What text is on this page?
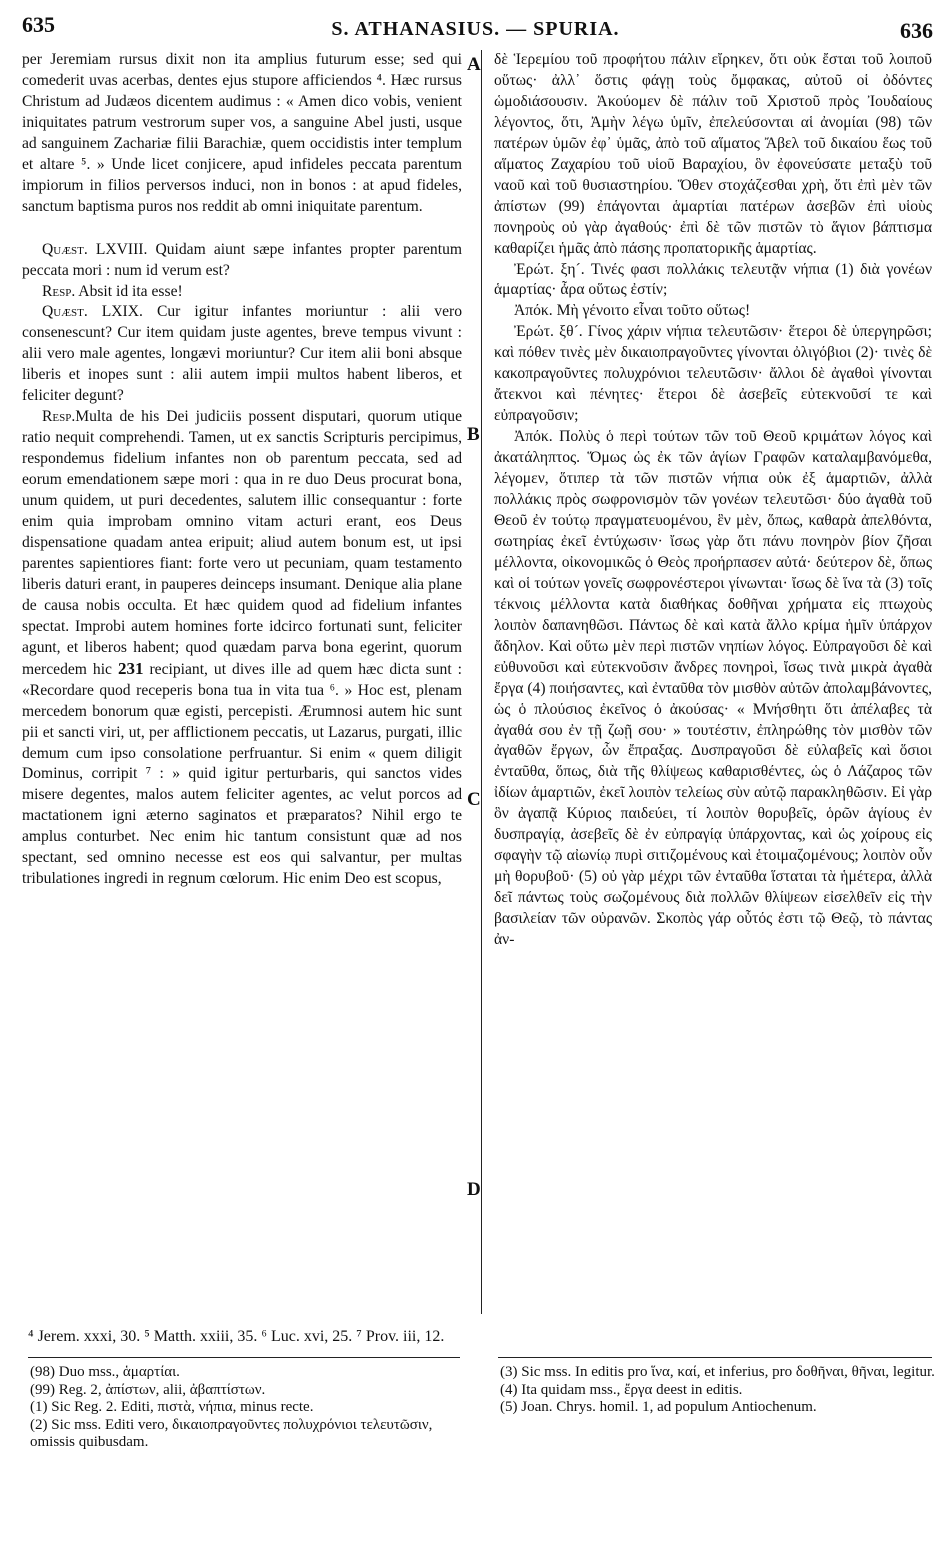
635	S. ATHANASIUS. — SPURIA.	636

per Jeremiam rursus dixit non ita amplius futurum esse; sed qui comederit uvas acerbas, dentes ejus stupore afficiendos ⁴. Hæc rursus Christum ad Judæos dicentem audimus : « Amen dico vobis, venient iniquitates patrum vestrorum super vos, a sanguine Abel justi, usque ad sanguinem Zachariæ filii Barachiæ, quem occidistis inter templum et altare ⁵. » Unde licet conjicere, apud infideles peccata parentum impiorum in filios perversos induci, non in bonos : at apud fideles, sanctum baptisma puros nos reddit ab omni iniquitate parentum.

Quæst. LXVIII. Quidam aiunt sæpe infantes propter parentum peccata mori : num id verum est?

Resp. Absit id ita esse!

Quæst. LXIX. Cur igitur infantes moriuntur : alii vero consenescunt? Cur item quidam juste agentes, breve tempus vivunt : alii vero male agentes, longævi moriuntur? Cur item alii boni absque liberis et inopes sunt : alii autem impii multos habent liberos, et feliciter degunt?

Resp.Multa de his Dei judiciis possent disputari, quorum utique ratio nequit comprehendi. Tamen, ut ex sanctis Scripturis percipimus, respondemus fidelium infantes non ob parentum peccata, sed ad eorum emendationem sæpe mori : qua in re duo Deus procurat bona, unum quidem, ut puri decedentes, salutem illic consequantur : forte enim quia improbam omnino vitam acturi erant, eos Deus dispensatione quadam antea eripuit; aliud autem bonum est, ut ipsi parentes sapientiores fiant: forte vero ut pecuniam, quam testamento liberis daturi erant, in pauperes deinceps insumant. Denique alia plane de causa nobis occulta. Et hæc quidem quod ad fidelium infantes spectat. Improbi autem homines forte idcirco fortunati sunt, feliciter agunt, et liberos habent; quod quædam parva bona egerint, quorum mercedem hic 231 recipiant, ut dives ille ad quem hæc dicta sunt : «Recordare quod receperis bona tua in vita tua ⁶. » Hoc est, plenam mercedem bonorum quæ egisti, percepisti. Ærumnosi autem hic sunt pii et sancti viri, ut, per afflictionem peccatis, ut Lazarus, purgati, illic demum cum ipso consolatione perfruantur. Si enim « quem diligit Dominus, corripit ⁷ : » quid igitur perturbaris, qui sanctos vides misere degentes, malos autem feliciter agentes, ac velut porcos ad mactationem igni æterno saginatos et præparatos? Nihil ergo te amplus conturbet. Nec enim hic tantum consistunt quæ ad nos spectant, sed omnino necesse est eos qui salvantur, per multas tribulationes ingredi in regnum cœlorum. Hic enim Deo est scopus,

A
B
C
D

δὲ Ἱερεμίου τοῦ προφήτου πάλιν εἴρηκεν, ὅτι οὐκ ἔσται τοῦ λοιποῦ οὕτως· ἀλλ᾽ ὅστις φάγῃ τοὺς ὄμφακας, αὐτοῦ οἱ ὀδόντες ὡμοδιάσουσιν. Ἀκούομεν δὲ πάλιν τοῦ Χριστοῦ πρὸς Ἰουδαίους λέγοντος, ὅτι, Ἀμὴν λέγω ὑμῖν, ἐπελεύσονται αἱ ἀνομίαι (98) τῶν πατέρων ὑμῶν ἐφ᾽ ὑμᾶς, ἀπὸ τοῦ αἵματος Ἄβελ τοῦ δικαίου ἕως τοῦ αἵματος Ζαχαρίου τοῦ υἱοῦ Βαραχίου, ὃν ἐφονεύσατε μεταξὺ τοῦ ναοῦ καὶ τοῦ θυσιαστηρίου. Ὅθεν στοχάζεσθαι χρὴ, ὅτι ἐπὶ μὲν τῶν ἀπίστων (99) ἐπάγονται ἁμαρτίαι πατέρων ἀσεβῶν ἐπὶ υἱοὺς πονηροὺς οὐ γὰρ ἀγαθούς· ἐπὶ δὲ τῶν πιστῶν τὸ ἅγιον βάπτισμα καθαρίζει ἡμᾶς ἀπὸ πάσης προπατορικῆς ἁμαρτίας.

Ἐρώτ. ξη´. Τινές φασι πολλάκις τελευτᾷν νήπια (1) διὰ γονέων ἁμαρτίας· ἆρα οὕτως ἐστίν;

Ἀπόκ. Μὴ γένοιτο εἶναι τοῦτο οὕτως!

Ἐρώτ. ξθ´. Γίνος χάριν νήπια τελευτῶσιν· ἕτεροι δὲ ὑπεργηρῶσι; καὶ πόθεν τινὲς μὲν δικαιοπραγοῦντες γίνονται ὀλιγόβιοι (2)· τινὲς δὲ κακοπραγοῦντες πολυχρόνιοι τελευτῶσιν· ἄλλοι δὲ ἀγαθοὶ γίνονται ἄτεκνοι καὶ πένητες· ἕτεροι δὲ ἀσεβεῖς εὐτεκνοῦσί τε καὶ εὐπραγοῦσιν;

Ἀπόκ. Πολὺς ὁ περὶ τούτων τῶν τοῦ Θεοῦ κριμάτων λόγος καὶ ἀκατάληπτος. Ὅμως ὡς ἐκ τῶν ἁγίων Γραφῶν καταλαμβανόμεθα, λέγομεν, ὅτιπερ τὰ τῶν πιστῶν νήπια οὐκ ἐξ ἁμαρτιῶν, ἀλλὰ πολλάκις πρὸς σωφρονισμὸν τῶν γονέων τελευτῶσι· δύο ἀγαθὰ τοῦ Θεοῦ ἐν τούτῳ πραγματευομένου, ἓν μὲν, ὅπως, καθαρὰ ἀπελθόντα, σωτηρίας ἐκεῖ ἐντύχωσιν· ἴσως γὰρ ὅτι πάνυ πονηρὸν βίον ζῆσαι μέλλοντα, οἰκονομικῶς ὁ Θεὸς προήρπασεν αὐτά· δεύτερον δὲ, ὅπως καὶ οἱ τούτων γονεῖς σωφρονέστεροι γίνωνται· ἴσως δὲ ἵνα τὰ (3) τοῖς τέκνοις μέλλοντα κατὰ διαθήκας δοθῆναι χρήματα εἰς πτωχοὺς λοιπὸν δαπανηθῶσι. Πάντως δὲ καὶ κατὰ ἄλλο κρίμα ἡμῖν ὑπάρχον ἄδηλον. Καὶ οὕτω μὲν περὶ πιστῶν νηπίων λόγος. Εὐπραγοῦσι δὲ καὶ εὐθυνοῦσι καὶ εὐτεκνοῦσιν ἄνδρες πονηροὶ, ἴσως τινὰ μικρὰ ἀγαθὰ ἔργα (4) ποιήσαντες, καὶ ἐνταῦθα τὸν μισθὸν αὐτῶν ἀπολαμβάνοντες, ὡς ὁ πλούσιος ἐκεῖνος ὁ ἀκούσας· « Μνήσθητι ὅτι ἀπέλαβες τὰ ἀγαθά σου ἐν τῇ ζωῇ σου· » τουτέστιν, ἐπληρώθης τὸν μισθὸν τῶν ἀγαθῶν ἔργων, ὧν ἔπραξας. Δυσπραγοῦσι δὲ εὐλαβεῖς καὶ ὅσιοι ἐνταῦθα, ὅπως, διὰ τῆς θλίψεως καθαρισθέντες, ὡς ὁ Λάζαρος τῶν ἰδίων ἁμαρτιῶν, ἐκεῖ λοιπὸν τελείως σὺν αὐτῷ παρακληθῶσιν. Εἰ γὰρ ὃν ἀγαπᾷ Κύριος παιδεύει, τί λοιπὸν θορυβεῖς, ὁρῶν ἁγίους ἐν δυσπραγίᾳ, ἀσεβεῖς δὲ ἐν εὐπραγίᾳ ὑπάρχοντας, καὶ ὡς χοίρους εἰς σφαγὴν τῷ αἰωνίῳ πυρὶ σιτιζομένους καὶ ἑτοιμαζομένους; λοιπὸν οὖν μὴ θορυβοῦ· (5) οὐ γὰρ μέχρι τῶν ἐνταῦθα ἵσταται τὰ ἡμέτερα, ἀλλὰ δεῖ πάντως τοὺς σωζομένους διὰ πολλῶν θλίψεων εἰσελθεῖν εἰς τὴν βασιλείαν τῶν οὐρανῶν. Σκοπὸς γάρ οὗτός ἐστι τῷ Θεῷ, τὸ πάντας ἀν-

⁴ Jerem. xxxi, 30. ⁵ Matth. xxiii, 35. ⁶ Luc. xvi, 25. ⁷ Prov. iii, 12.

(98) Duo mss., ἁμαρτίαι.

(99) Reg. 2, ἀπίστων, alii, ἀβαπτίστων.

(1) Sic Reg. 2. Editi, πιστὰ, νήπια, minus recte.

(2) Sic mss. Editi vero, δικαιοπραγοῦντες πολυχρόνιοι τελευτῶσιν, omissis quibusdam.

(3) Sic mss. In editis pro ἵνα, καί, et inferius, pro δοθῆναι, θῆναι, legitur.

(4) Ita quidam mss., ἔργα deest in editis.

(5) Joan. Chrys. homil. 1, ad populum Antiochenum.
